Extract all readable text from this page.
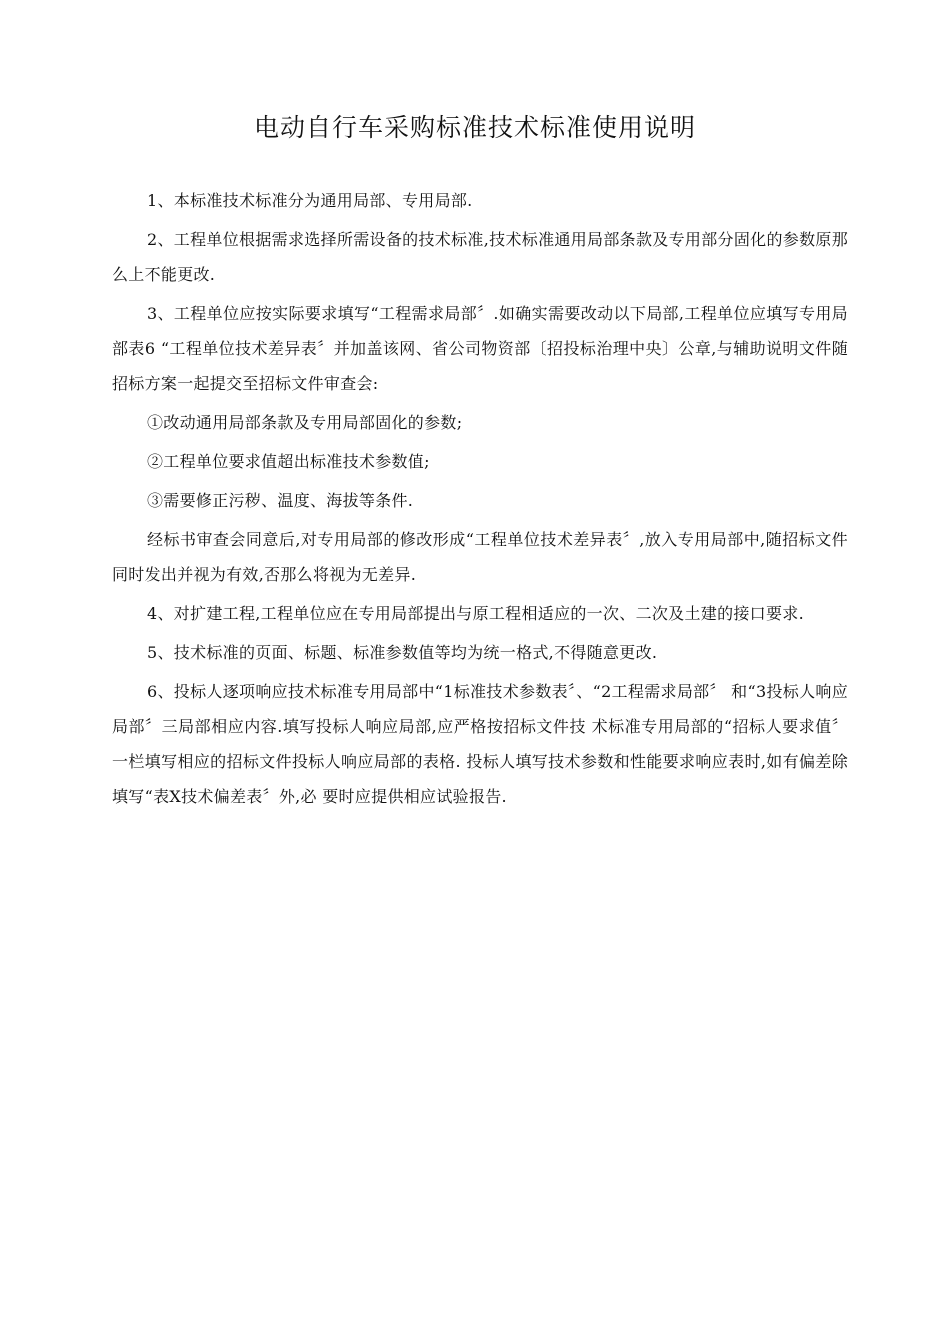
电动自行车采购标准技术标准使用说明

1、本标准技术标准分为通用局部、专用局部.

2、工程单位根据需求选择所需设备的技术标准,技术标准通用局部条款及专用部分固化的参数原那么上不能更改.

3、工程单位应按实际要求填写“工程需求局部〞.如确实需要改动以下局部,工程单位应填写专用局部表6 “工程单位技术差异表〞并加盖该网、省公司物资部〔招投标治理中央〕公章,与辅助说明文件随招标方案一起提交至招标文件审查会:

①改动通用局部条款及专用局部固化的参数;

②工程单位要求值超出标准技术参数值;

③需要修正污秽、温度、海拔等条件.

经标书审查会同意后,对专用局部的修改形成“工程单位技术差异表〞,放入专用局部中,随招标文件同时发出并视为有效,否那么将视为无差异.

4、对扩建工程,工程单位应在专用局部提出与原工程相适应的一次、二次及土建的接口要求.

5、技术标准的页面、标题、标准参数值等均为统一格式,不得随意更改.

6、投标人逐项响应技术标准专用局部中“1标准技术参数表〞、“2工程需求局部〞 和“3投标人响应局部〞三局部相应内容.填写投标人响应局部,应严格按招标文件技 术标准专用局部的“招标人要求值〞一栏填写相应的招标文件投标人响应局部的表格. 投标人填写技术参数和性能要求响应表时,如有偏差除填写“表X技术偏差表〞外,必 要时应提供相应试验报告.
